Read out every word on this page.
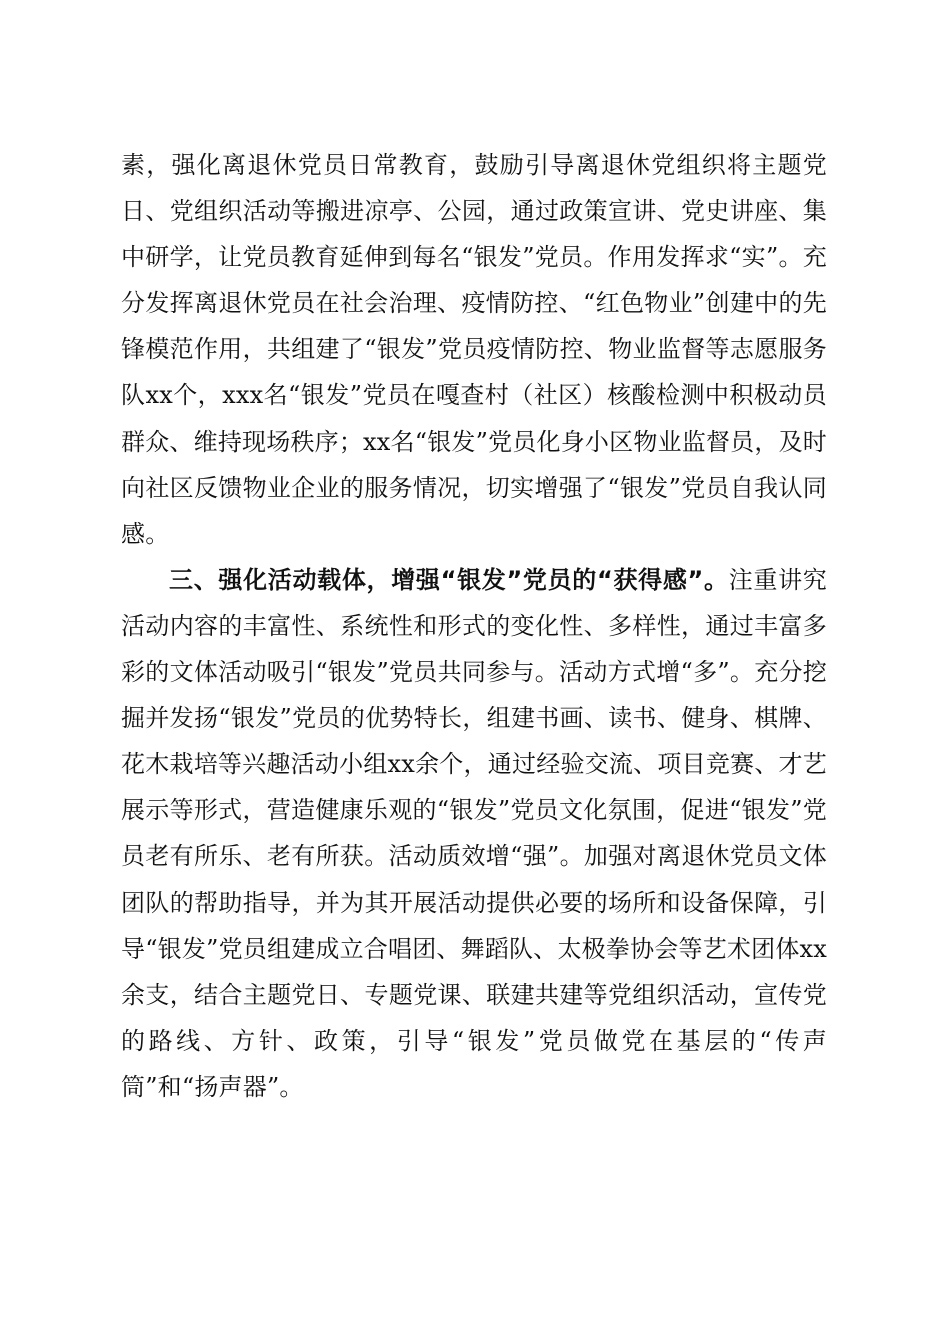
素，强化离退休党员日常教育，鼓励引导离退休党组织将主题党日、党组织活动等搬进凉亭、公园，通过政策宣讲、党史讲座、集中研学，让党员教育延伸到每名“银发”党员。作用发挥求“实”。充分发挥离退休党员在社会治理、疫情防控、“红色物业”创建中的先锋模范作用，共组建了“银发”党员疫情防控、物业监督等志愿服务队xx个，xxx名“银发”党员在嘎查村（社区）核酸检测中积极动员群众、维持现场秩序；xx名“银发”党员化身小区物业监督员，及时向社区反馈物业企业的服务情况，切实增强了“银发”党员自我认同感。

三、强化活动载体，增强“银发”党员的“获得感”。注重讲究活动内容的丰富性、系统性和形式的变化性、多样性，通过丰富多彩的文体活动吸引“银发”党员共同参与。活动方式增“多”。充分挖掘并发扬“银发”党员的优势特长，组建书画、读书、健身、棋牌、花木栽培等兴趣活动小组xx余个，通过经验交流、项目竞赛、才艺展示等形式，营造健康乐观的“银发”党员文化氛围，促进“银发”党员老有所乐、老有所获。活动质效增“强”。加强对离退休党员文体团队的帮助指导，并为其开展活动提供必要的场所和设备保障，引导“银发”党员组建成立合唱团、舞蹈队、太极拳协会等艺术团体xx余支，结合主题党日、专题党课、联建共建等党组织活动，宣传党的路线、方针、政策，引导“银发”党员做党在基层的“传声筒”和“扬声器”。
